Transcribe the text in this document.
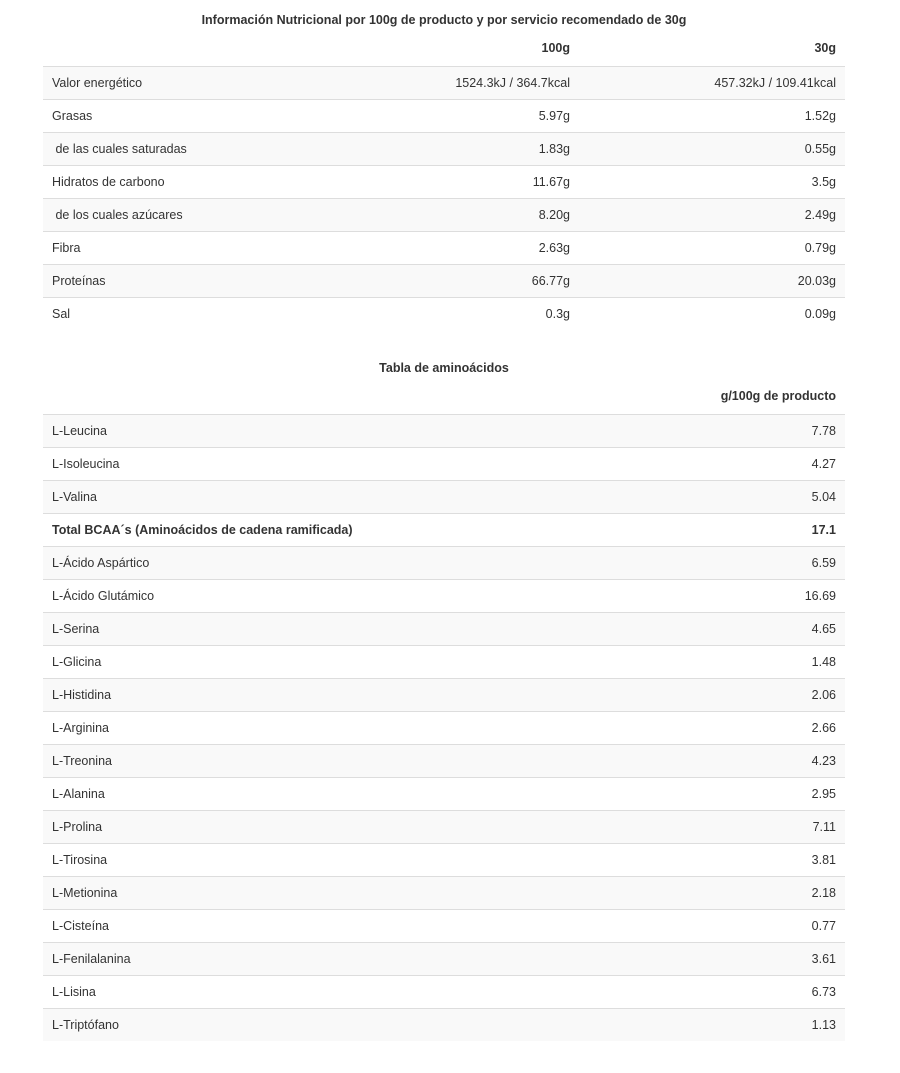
Información Nutricional por 100g de producto y por servicio recomendado de 30g
	100g	30g
Valor energético	1524.3kJ / 364.7kcal	457.32kJ / 109.41kcal
Grasas	5.97g	1.52g
de las cuales saturadas	1.83g	0.55g
Hidratos de carbono	11.67g	3.5g
de los cuales azúcares	8.20g	2.49g
Fibra	2.63g	0.79g
Proteínas	66.77g	20.03g
Sal	0.3g	0.09g
Tabla de aminoácidos
	g/100g de producto
L-Leucina	7.78
L-Isoleucina	4.27
L-Valina	5.04
Total BCAA´s (Aminoácidos de cadena ramificada)	17.1
L-Ácido Aspártico	6.59
L-Ácido Glutámico	16.69
L-Serina	4.65
L-Glicina	1.48
L-Histidina	2.06
L-Arginina	2.66
L-Treonina	4.23
L-Alanina	2.95
L-Prolina	7.11
L-Tirosina	3.81
L-Metionina	2.18
L-Cisteína	0.77
L-Fenilalanina	3.61
L-Lisina	6.73
L-Triptófano	1.13
